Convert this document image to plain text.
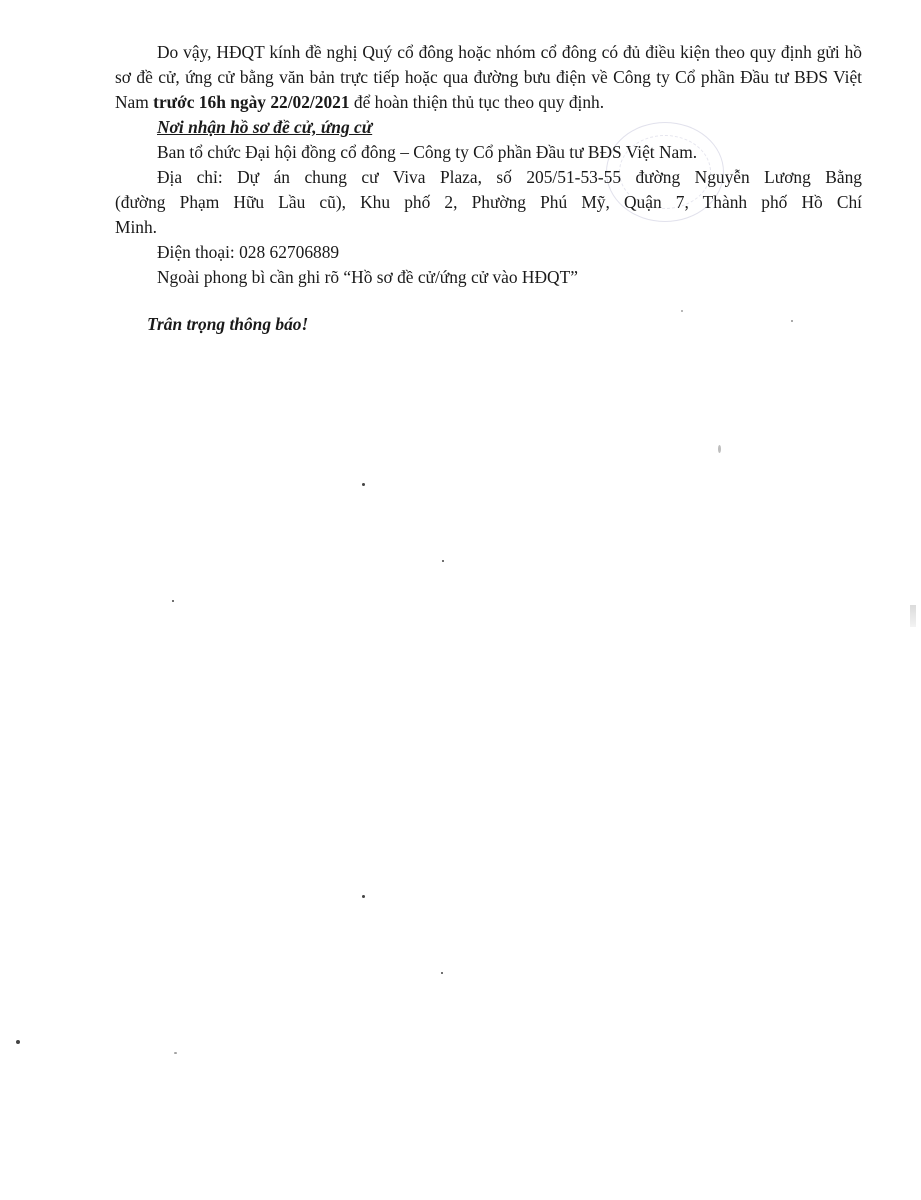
Do vậy, HĐQT kính đề nghị Quý cổ đông hoặc nhóm cổ đông có đủ điều kiện theo quy định gửi hồ sơ đề cử, ứng cử bằng văn bản trực tiếp hoặc qua đường bưu điện về Công ty Cổ phần Đầu tư BĐS Việt Nam trước 16h ngày 22/02/2021 để hoàn thiện thủ tục theo quy định.

Nơi nhận hồ sơ đề cử, ứng cử

Ban tổ chức Đại hội đồng cổ đông – Công ty Cổ phần Đầu tư BĐS Việt Nam.

Địa chỉ: Dự án chung cư Viva Plaza, số 205/51-53-55 đường Nguyễn Lương Bằng

(đường Phạm Hữu Lầu cũ), Khu phố 2, Phường Phú Mỹ, Quận 7, Thành phố Hồ Chí

Minh.

Điện thoại: 028 62706889

Ngoài phong bì cần ghi rõ “Hồ sơ đề cử/ứng cử vào HĐQT”

Trân trọng thông báo!
